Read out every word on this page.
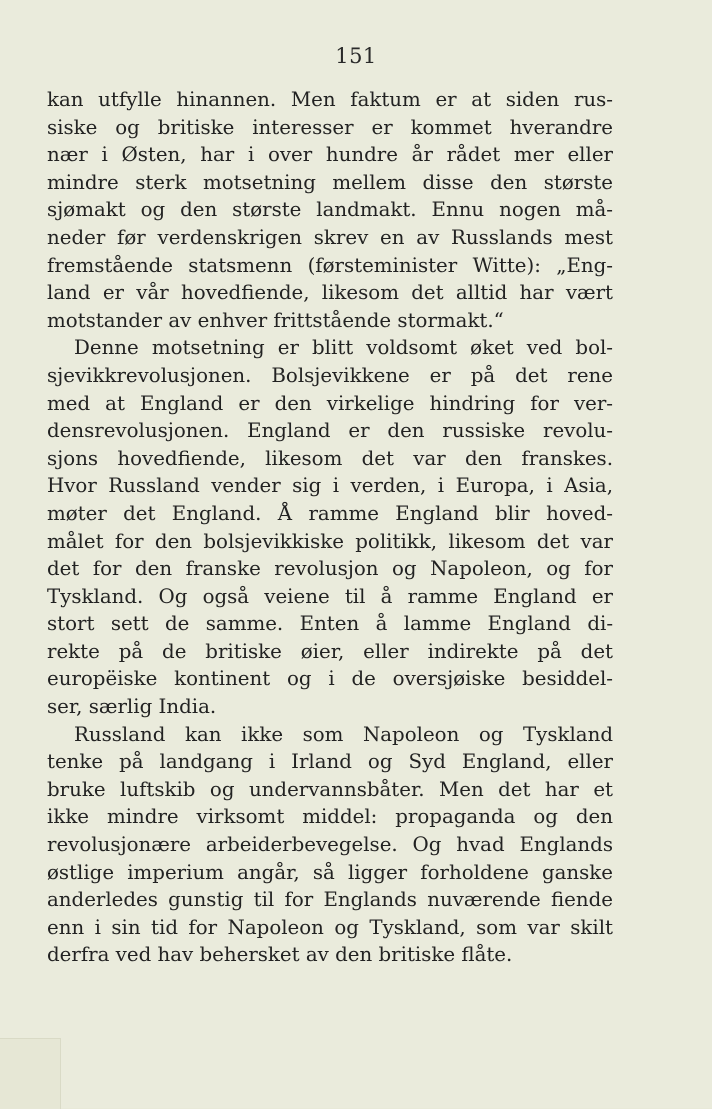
151
kan utfylle hinannen. Men faktum er at siden rus-
siske og britiske interesser er kommet hverandre
nær i Østen, har i over hundre år rådet mer eller
mindre sterk motsetning mellem disse den største
sjømakt og den største landmakt. Ennu nogen må-
neder før verdenskrigen skrev en av Russlands mest
fremstående statsmenn (førsteminister Witte): „Eng-
land er vår hovedfiende, likesom det alltid har vært
motstander av enhver frittstående stormakt.“
Denne motsetning er blitt voldsomt øket ved bol-
sjevikkrevolusjonen. Bolsjevikkene er på det rene
med at England er den virkelige hindring for ver-
densrevolusjonen. England er den russiske revolu-
sjons hovedfiende, likesom det var den franskes.
Hvor Russland vender sig i verden, i Europa, i Asia,
møter det England. Å ramme England blir hoved-
målet for den bolsjevikkiske politikk, likesom det var
det for den franske revolusjon og Napoleon, og for
Tyskland. Og også veiene til å ramme England er
stort sett de samme. Enten å lamme England di-
rekte på de britiske øier, eller indirekte på det
europëiske kontinent og i de oversjøiske besiddel-
ser, særlig India.
Russland kan ikke som Napoleon og Tyskland
tenke på landgang i Irland og Syd England, eller
bruke luftskib og undervannsbåter. Men det har et
ikke mindre virksomt middel: propaganda og den
revolusjonære arbeiderbevegelse. Og hvad Englands
østlige imperium angår, så ligger forholdene ganske
anderledes gunstig til for Englands nuværende fiende
enn i sin tid for Napoleon og Tyskland, som var skilt
derfra ved hav behersket av den britiske flåte.
